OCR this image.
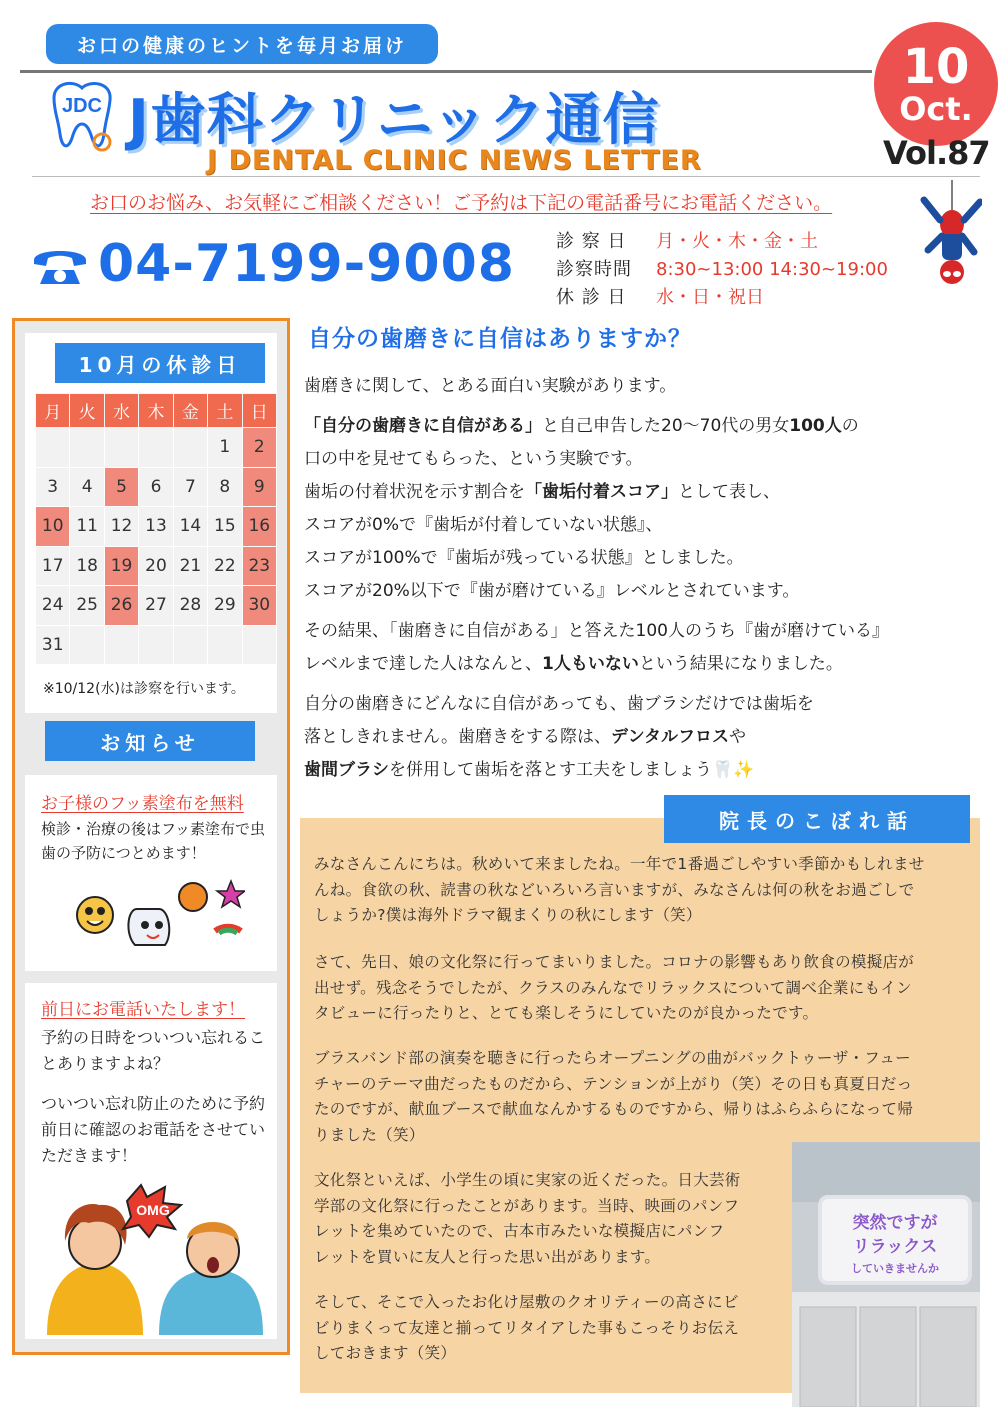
お口の健康のヒントを毎月お届け
JDC J歯科クリニック通信
J DENTAL CLINIC NEWS LETTER
10
Oct.
Vol.87
お口のお悩み、お気軽にご相談ください！ご予約は下記の電話番号にお電話ください。
04-7199-9008 診 察 日	月・火・木・金・土
診察時間	8:30~13:00 14:30~19:00
休 診 日	水・日・祝日
10月の休診日
月	火	水	木	金	土	日
					1	2
3	4	5	6	7	8	9
10	11	12	13	14	15	16
17	18	19	20	21	22	23
24	25	26	27	28	29	30
31						
※10/12(水)は診察を行います。
お知らせ
お子様のフッ素塗布を無料
検診・治療の後はフッ素塗布で虫歯の予防につとめます！
前日にお電話いたします！
予約の日時をついつい忘れることありますよね？
ついつい忘れ防止のために予約前日に確認のお電話をさせていただきます！
OMG
自分の歯磨きに自信はありますか？

歯磨きに関して、とある面白い実験があります。

「自分の歯磨きに自信がある」と自己申告した20〜70代の男女100人の

口の中を見せてもらった、という実験です。

歯垢の付着状況を示す割合を「歯垢付着スコア」として表し、

スコアが0%で『歯垢が付着していない状態』、

スコアが100%で『歯垢が残っている状態』としました。

スコアが20%以下で『歯が磨けている』レベルとされています。

その結果、「歯磨きに自信がある」と答えた100人のうち『歯が磨けている』

レベルまで達した人はなんと、1人もいないという結果になりました。

自分の歯磨きにどんなに自信があっても、歯ブラシだけでは歯垢を

落としきれません。歯磨きをする際は、デンタルフロスや

歯間ブラシを併用して歯垢を落とす工夫をしましょう🦷✨

院長のこぼれ話
みなさんこんにちは。秋めいて来ましたね。一年で1番過ごしやすい季節かもしれませ
んね。食欲の秋、読書の秋などいろいろ言いますが、みなさんは何の秋をお過ごしで
しょうか?僕は海外ドラマ観まくりの秋にします（笑）
さて、先日、娘の文化祭に行ってまいりました。コロナの影響もあり飲食の模擬店が
出せず。残念そうでしたが、クラスのみんなでリラックスについて調べ企業にもイン
タビューに行ったりと、とても楽しそうにしていたのが良かったです。
ブラスバンド部の演奏を聴きに行ったらオープニングの曲がバックトゥーザ・フュー
チャーのテーマ曲だったものだから、テンションが上がり（笑）その日も真夏日だっ
たのですが、献血ブースで献血なんかするものですから、帰りはふらふらになって帰
りました（笑）
文化祭といえば、小学生の頃に実家の近くだった。日大芸術
学部の文化祭に行ったことがあります。当時、映画のパンフ
レットを集めていたので、古本市みたいな模擬店にパンフ
レットを買いに友人と行った思い出があります。
そして、そこで入ったお化け屋敷のクオリティーの高さにビ
ビりまくって友達と揃ってリタイアした事もこっそりお伝え
しておきます（笑）
突然ですが
リラックス
していきませんか
